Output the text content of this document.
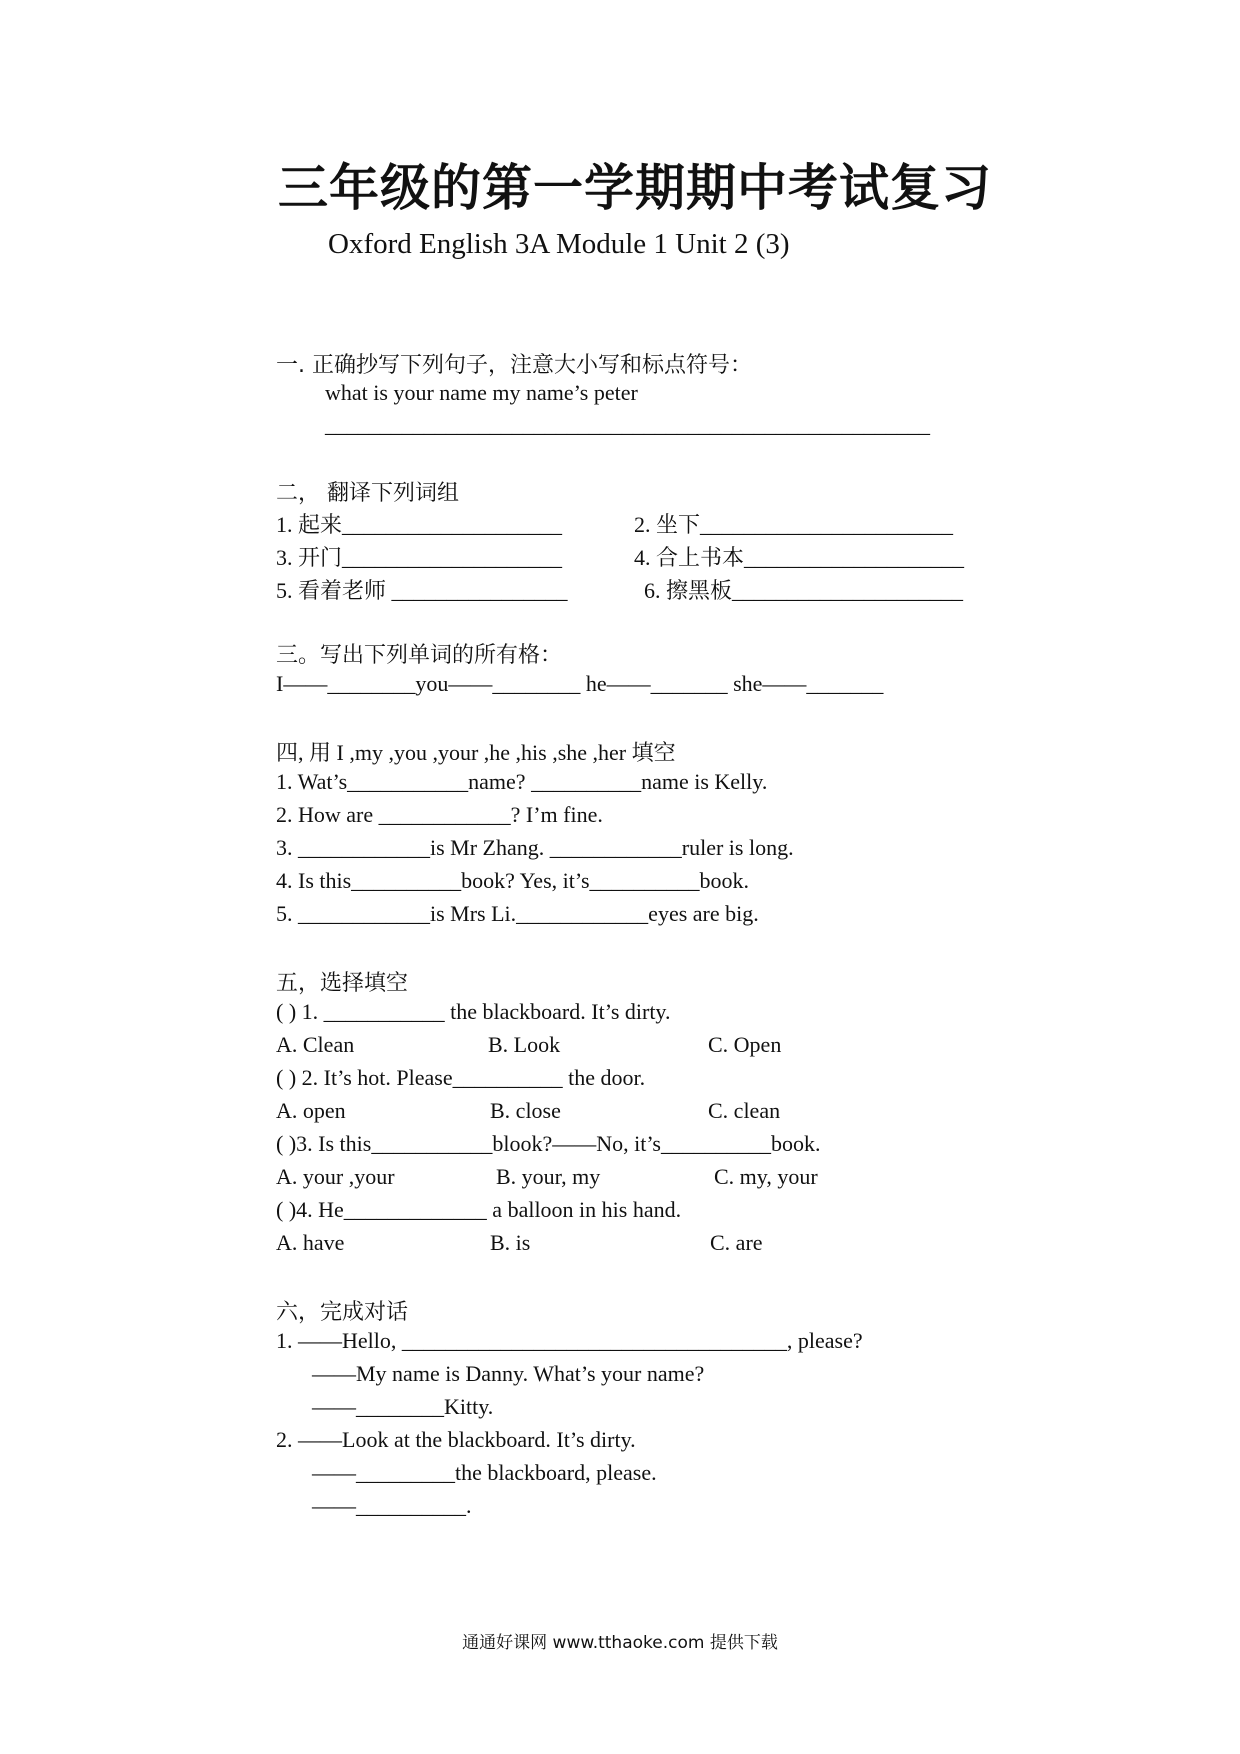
三年级的第一学期期中考试复习
Oxford English 3A Module 1 Unit 2 (3)
一. 正确抄写下列句子，注意大小写和标点符号：
what is your name my name’s peter
_______________________________________________________
二， 翻译下列词组
1. 起来____________________	2. 坐下_______________________
3. 开门____________________	4. 合上书本____________________
5. 看着老师 ________________	6. 擦黑板_____________________
三。写出下列单词的所有格：
I——________you——________ he——_______ she——_______
四, 用 I ,my ,you ,your ,he ,his ,she ,her 填空
1. Wat’s___________name? __________name is Kelly.
2. How are ____________? I’m fine.
3. ____________is Mr Zhang. ____________ruler is long.
4. Is this__________book? Yes, it’s__________book.
5. ____________is Mrs Li.____________eyes are big.
五，选择填空
( ) 1. ___________ the blackboard. It’s dirty.
A. Clean	B. Look	C. Open
( ) 2. It’s hot. Please__________ the door.
A. open	B. close	C. clean
( )3. Is this___________blook?——No, it’s__________book.
A. your ,your	B. your, my	C. my, your
( )4. He_____________ a balloon in his hand.
A. have	B. is	C. are
六，完成对话
1. ——Hello, ___________________________________, please?
——My name is Danny. What’s your name?
——________Kitty.
2. ——Look at the blackboard. It’s dirty.
——_________the blackboard, please.
——__________.
通通好课网 www.tthaoke.com 提供下载
